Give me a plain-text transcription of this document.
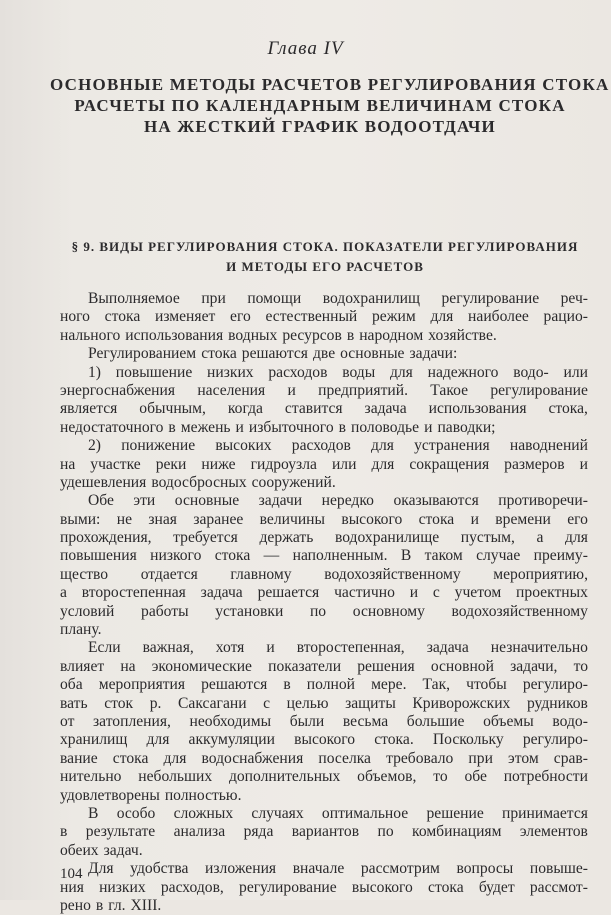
Глава IV
ОСНОВНЫЕ МЕТОДЫ РАСЧЕТОВ РЕГУЛИРОВАНИЯ СТОКА
РАСЧЕТЫ ПО КАЛЕНДАРНЫМ ВЕЛИЧИНАМ СТОКА
НА ЖЕСТКИЙ ГРАФИК ВОДООТДАЧИ
§ 9. ВИДЫ РЕГУЛИРОВАНИЯ СТОКА. ПОКАЗАТЕЛИ РЕГУЛИРОВАНИЯ
И МЕТОДЫ ЕГО РАСЧЕТОВ
Выполняемое при помощи водохранилищ регулирование реч-
ного стока изменяет его естественный режим для наиболее рацио-
нального использования водных ресурсов в народном хозяйстве.
Регулированием стока решаются две основные задачи:
1) повышение низких расходов воды для надежного водо- или
энергоснабжения населения и предприятий. Такое регулирование
является обычным, когда ставится задача использования стока,
недостаточного в межень и избыточного в половодье и паводки;
2) понижение высоких расходов для устранения наводнений
на участке реки ниже гидроузла или для сокращения размеров и
удешевления водосбросных сооружений.
Обе эти основные задачи нередко оказываются противоречи-
выми: не зная заранее величины высокого стока и времени его
прохождения, требуется держать водохранилище пустым, а для
повышения низкого стока — наполненным. В таком случае преиму-
щество отдается главному водохозяйственному мероприятию,
а второстепенная задача решается частично и с учетом проектных
условий работы установки по основному водохозяйственному
плану.
Если важная, хотя и второстепенная, задача незначительно
влияет на экономические показатели решения основной задачи, то
оба мероприятия решаются в полной мере. Так, чтобы регулиро-
вать сток р. Саксагани с целью защиты Криворожских рудников
от затопления, необходимы были весьма большие объемы водо-
хранилищ для аккумуляции высокого стока. Поскольку регулиро-
вание стока для водоснабжения поселка требовало при этом срав-
нительно небольших дополнительных объемов, то обе потребности
удовлетворены полностью.
В особо сложных случаях оптимальное решение принимается
в результате анализа ряда вариантов по комбинациям элементов
обеих задач.
Для удобства изложения вначале рассмотрим вопросы повыше-
ния низких расходов, регулирование высокого стока будет рассмот-
рено в гл. XIII.
104
